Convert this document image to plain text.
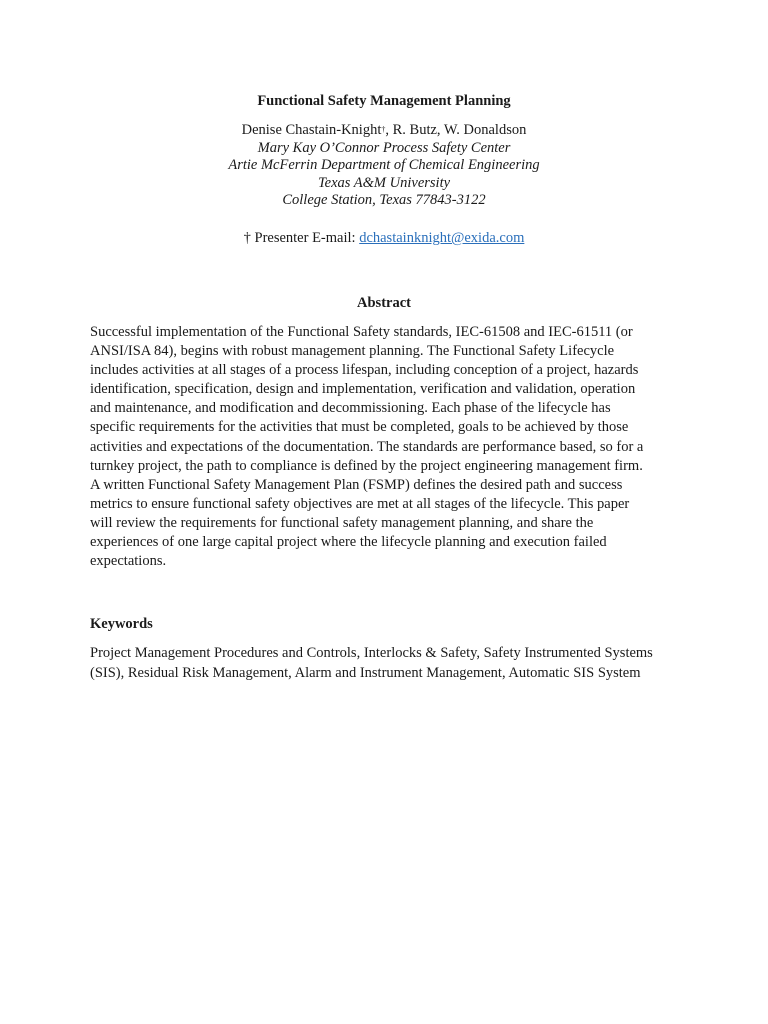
Functional Safety Management Planning
Denise Chastain-Knight†, R. Butz, W. Donaldson
Mary Kay O’Connor Process Safety Center
Artie McFerrin Department of Chemical Engineering
Texas A&M University
College Station, Texas 77843-3122
† Presenter E-mail: dchastainknight@exida.com
Abstract
Successful implementation of the Functional Safety standards, IEC-61508 and IEC-61511 (or
ANSI/ISA 84), begins with robust management planning. The Functional Safety Lifecycle
includes activities at all stages of a process lifespan, including conception of a project, hazards
identification, specification, design and implementation, verification and validation, operation
and maintenance, and modification and decommissioning. Each phase of the lifecycle has
specific requirements for the activities that must be completed, goals to be achieved by those
activities and expectations of the documentation. The standards are performance based, so for a
turnkey project, the path to compliance is defined by the project engineering management firm.
A written Functional Safety Management Plan (FSMP) defines the desired path and success
metrics to ensure functional safety objectives are met at all stages of the lifecycle. This paper
will review the requirements for functional safety management planning, and share the
experiences of one large capital project where the lifecycle planning and execution failed
expectations.
Keywords
Project Management Procedures and Controls, Interlocks & Safety, Safety Instrumented Systems
(SIS), Residual Risk Management, Alarm and Instrument Management, Automatic SIS System
